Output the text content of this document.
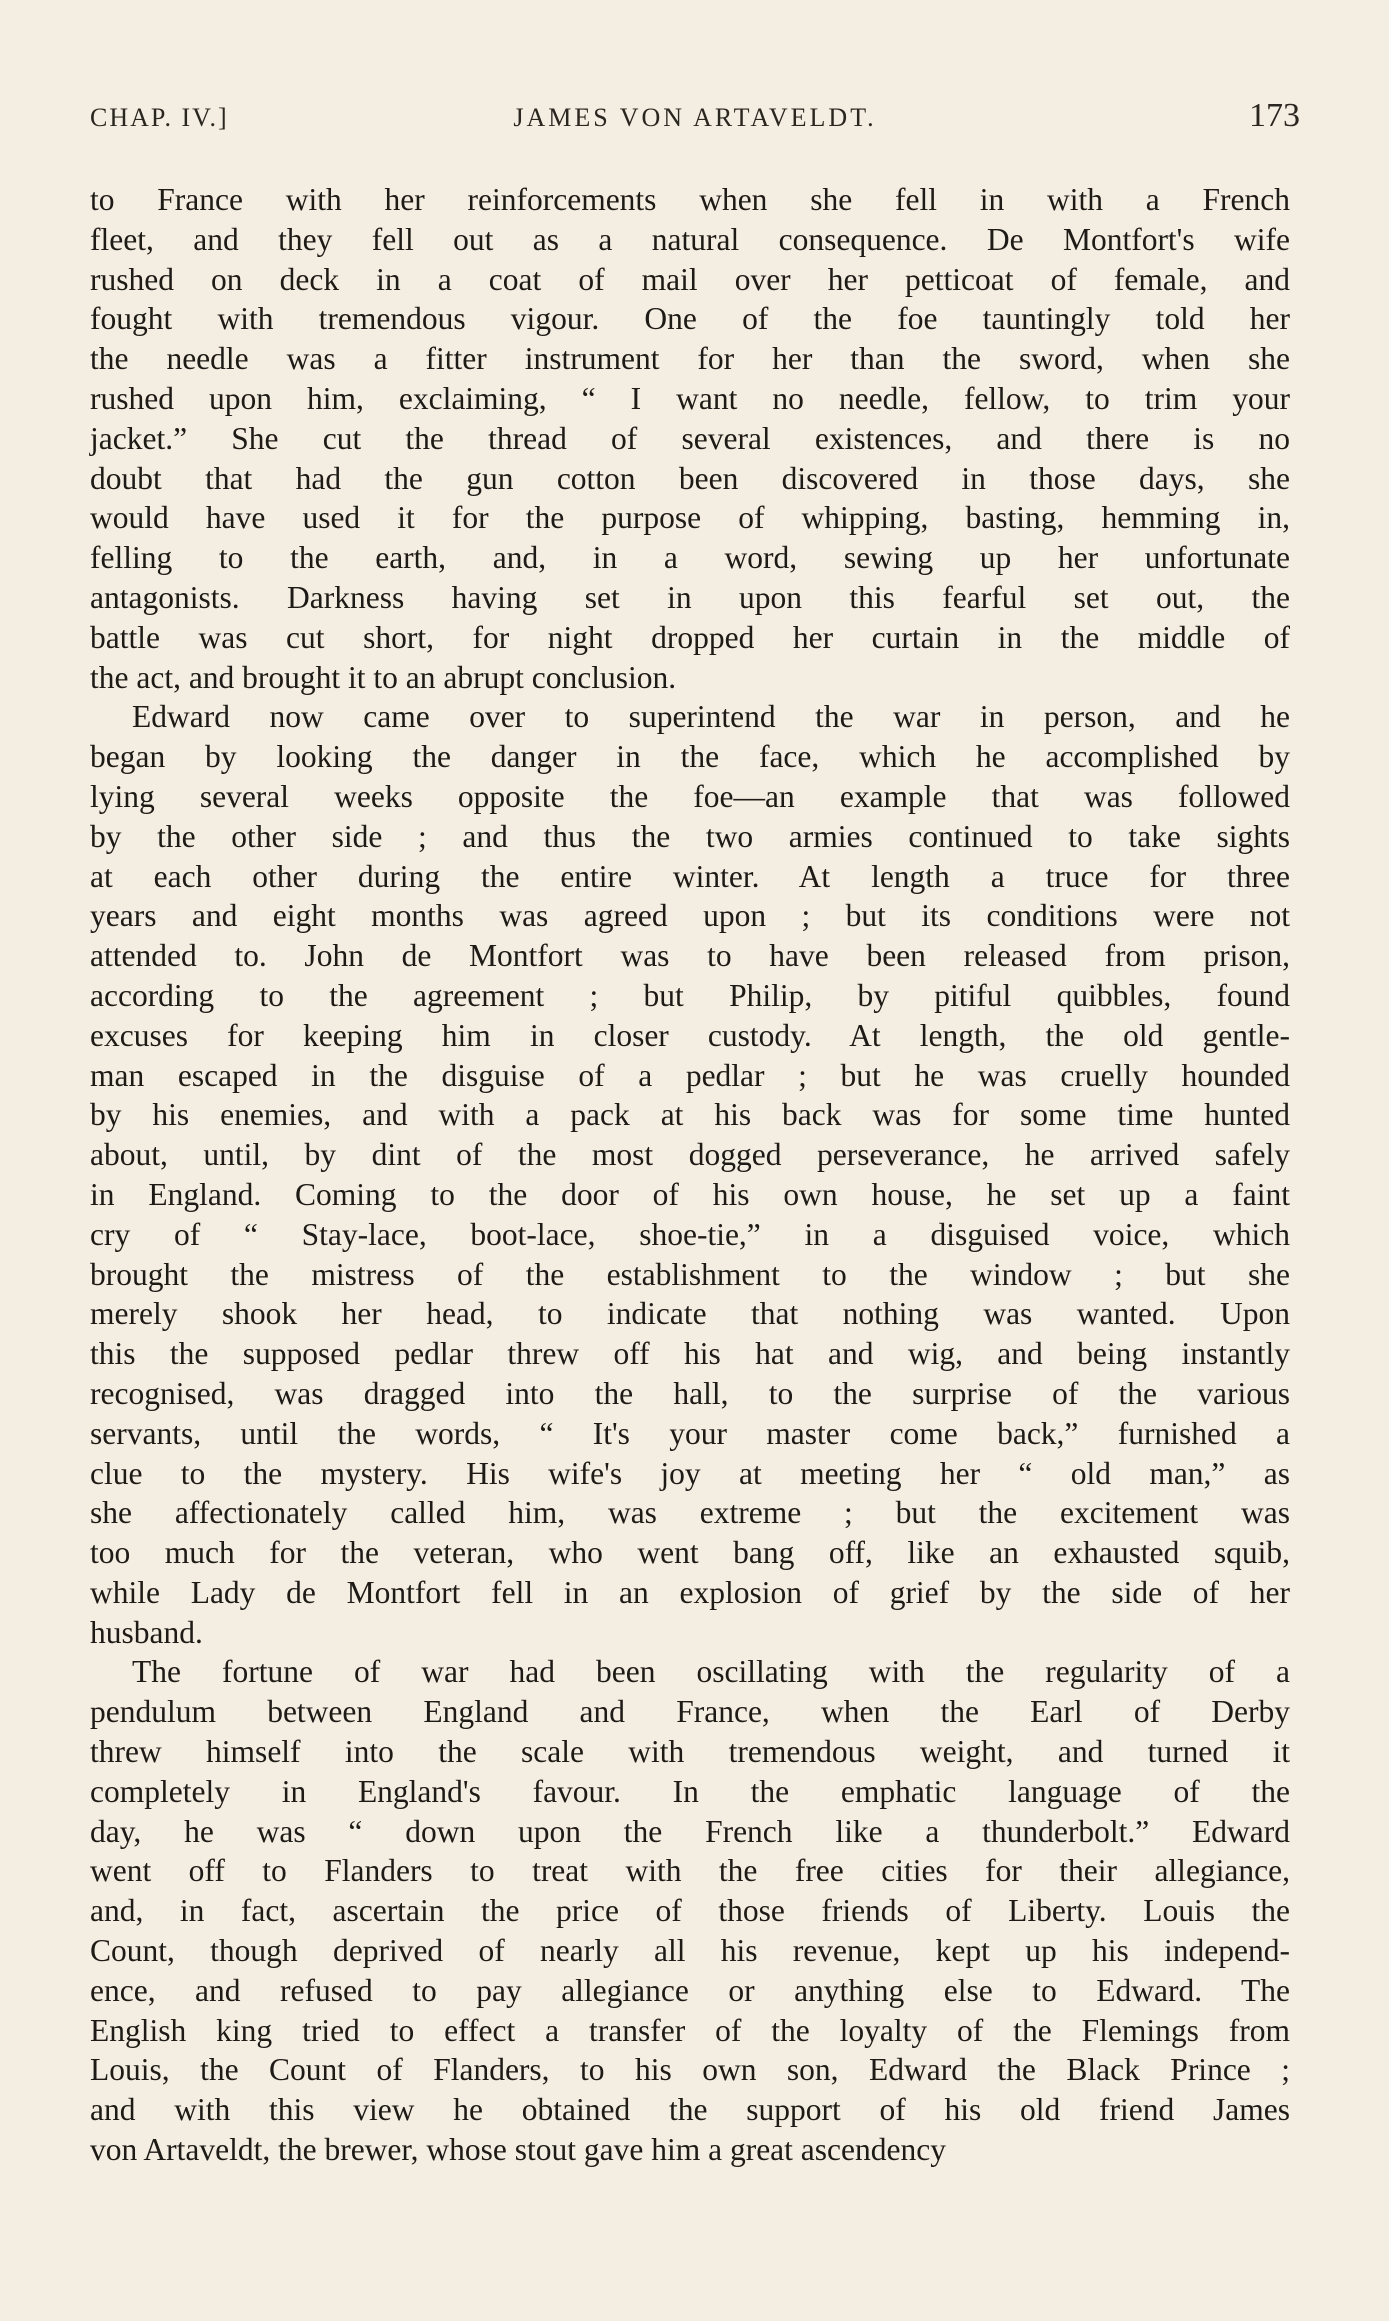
CHAP. IV.]	JAMES VON ARTAVELDT.	173
to France with her reinforcements when she fell in with a French
fleet, and they fell out as a natural consequence. De Montfort's wife
rushed on deck in a coat of mail over her petticoat of female, and
fought with tremendous vigour. One of the foe tauntingly told her
the needle was a fitter instrument for her than the sword, when she
rushed upon him, exclaiming, “ I want no needle, fellow, to trim your
jacket.” She cut the thread of several existences, and there is no
doubt that had the gun cotton been discovered in those days, she
would have used it for the purpose of whipping, basting, hemming in,
felling to the earth, and, in a word, sewing up her unfortunate
antagonists. Darkness having set in upon this fearful set out, the
battle was cut short, for night dropped her curtain in the middle of
the act, and brought it to an abrupt conclusion.
Edward now came over to superintend the war in person, and he
began by looking the danger in the face, which he accomplished by
lying several weeks opposite the foe—an example that was followed
by the other side ; and thus the two armies continued to take sights
at each other during the entire winter. At length a truce for three
years and eight months was agreed upon ; but its conditions were not
attended to. John de Montfort was to have been released from prison,
according to the agreement ; but Philip, by pitiful quibbles, found
excuses for keeping him in closer custody. At length, the old gentle-
man escaped in the disguise of a pedlar ; but he was cruelly hounded
by his enemies, and with a pack at his back was for some time hunted
about, until, by dint of the most dogged perseverance, he arrived safely
in England. Coming to the door of his own house, he set up a faint
cry of “ Stay-lace, boot-lace, shoe-tie,” in a disguised voice, which
brought the mistress of the establishment to the window ; but she
merely shook her head, to indicate that nothing was wanted. Upon
this the supposed pedlar threw off his hat and wig, and being instantly
recognised, was dragged into the hall, to the surprise of the various
servants, until the words, “ It's your master come back,” furnished a
clue to the mystery. His wife's joy at meeting her “ old man,” as
she affectionately called him, was extreme ; but the excitement was
too much for the veteran, who went bang off, like an exhausted squib,
while Lady de Montfort fell in an explosion of grief by the side of her
husband.
The fortune of war had been oscillating with the regularity of a
pendulum between England and France, when the Earl of Derby
threw himself into the scale with tremendous weight, and turned it
completely in England's favour. In the emphatic language of the
day, he was “ down upon the French like a thunderbolt.” Edward
went off to Flanders to treat with the free cities for their allegiance,
and, in fact, ascertain the price of those friends of Liberty. Louis the
Count, though deprived of nearly all his revenue, kept up his independ-
ence, and refused to pay allegiance or anything else to Edward. The
English king tried to effect a transfer of the loyalty of the Flemings from
Louis, the Count of Flanders, to his own son, Edward the Black Prince ;
and with this view he obtained the support of his old friend James
von Artaveldt, the brewer, whose stout gave him a great ascendency
